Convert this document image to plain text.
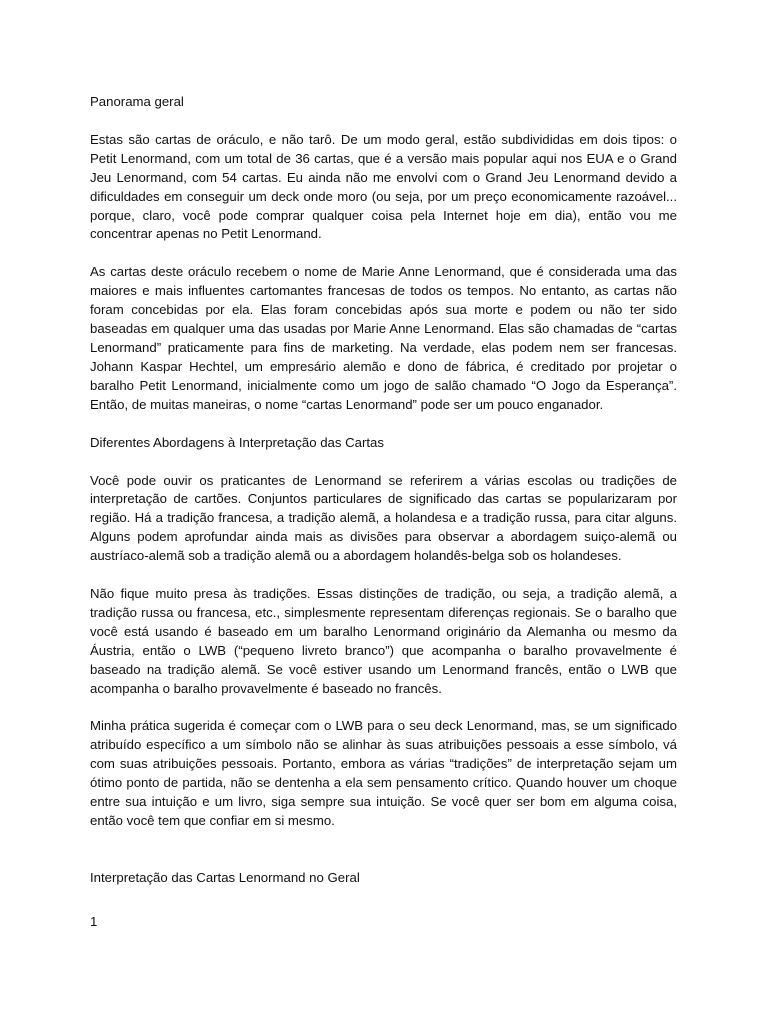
Panorama geral

Estas são cartas de oráculo, e não tarô. De um modo geral, estão subdivididas em dois tipos: o Petit Lenormand, com um total de 36 cartas, que é a versão mais popular aqui nos EUA e o Grand Jeu Lenormand, com 54 cartas. Eu ainda não me envolvi com o Grand Jeu Lenormand devido a dificuldades em conseguir um deck onde moro (ou seja, por um preço economicamente razoável... porque, claro, você pode comprar qualquer coisa pela Internet hoje em dia), então vou me concentrar apenas no Petit Lenormand.

As cartas deste oráculo recebem o nome de Marie Anne Lenormand, que é considerada uma das maiores e mais influentes cartomantes francesas de todos os tempos. No entanto, as cartas não foram concebidas por ela. Elas foram concebidas após sua morte e podem ou não ter sido baseadas em qualquer uma das usadas por Marie Anne Lenormand. Elas são chamadas de “cartas Lenormand” praticamente para fins de marketing. Na verdade, elas podem nem ser francesas. Johann Kaspar Hechtel, um empresário alemão e dono de fábrica, é creditado por projetar o baralho Petit Lenormand, inicialmente como um jogo de salão chamado “O Jogo da Esperança”. Então, de muitas maneiras, o nome “cartas Lenormand” pode ser um pouco enganador.

Diferentes Abordagens à Interpretação das Cartas

Você pode ouvir os praticantes de Lenormand se referirem a várias escolas ou tradições de interpretação de cartões. Conjuntos particulares de significado das cartas se popularizaram por região. Há a tradição francesa, a tradição alemã, a holandesa e a tradição russa, para citar alguns. Alguns podem aprofundar ainda mais as divisões para observar a abordagem suiço-alemã ou austríaco-alemã sob a tradição alemã ou a abordagem holandês-belga sob os holandeses.

Não fique muito presa às tradições. Essas distinções de tradição, ou seja, a tradição alemã, a tradição russa ou francesa, etc., simplesmente representam diferenças regionais. Se o baralho que você está usando é baseado em um baralho Lenormand originário da Alemanha ou mesmo da Áustria, então o LWB (“pequeno livreto branco”) que acompanha o baralho provavelmente é baseado na tradição alemã. Se você estiver usando um Lenormand francês, então o LWB que acompanha o baralho provavelmente é baseado no francês.

Minha prática sugerida é começar com o LWB para o seu deck Lenormand, mas, se um significado atribuído específico a um símbolo não se alinhar às suas atribuições pessoais a esse símbolo, vá com suas atribuições pessoais. Portanto, embora as várias “tradições” de interpretação sejam um ótimo ponto de partida, não se dentenha a ela sem pensamento crítico. Quando houver um choque entre sua intuição e um livro, siga sempre sua intuição. Se você quer ser bom em alguma coisa, então você tem que confiar em si mesmo.

Interpretação das Cartas Lenormand no Geral

1
